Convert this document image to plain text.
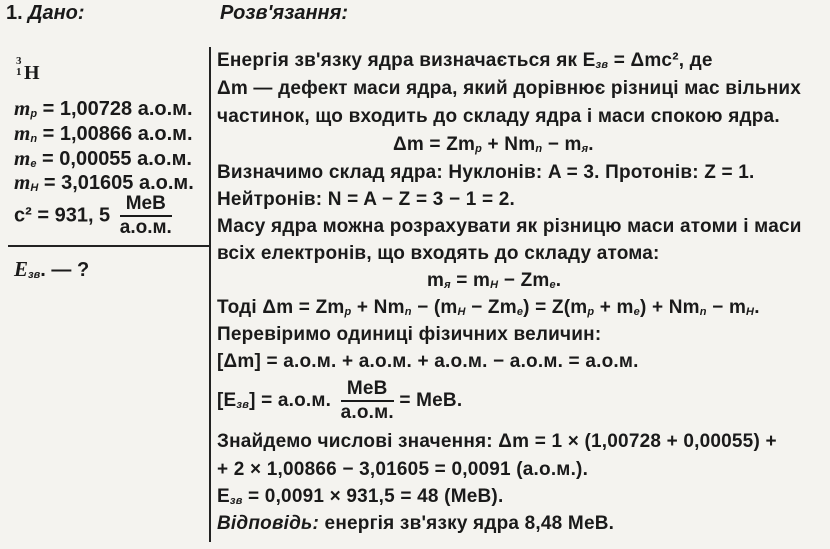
1. Дано:	Розв'язання:
3
1 H
$m_p = 1,00728$ а.о.м.
$m_n = 1,00866$ а.о.м.
$m_e = 0,00055$ а.о.м.
$m_H = 3,01605$ а.о.м.
c² = 931, $5 \frac{\text{MeB}}{а.о.м.}$
$E_{зв}$. — ?
Енергія зв'язку ядра визначається як $E_{зв} = \Delta mc^2$, де
Δm — дефект маси ядра, який дорівнює різниці мас вільних
частинок, що входить до складу ядра і маси спокою ядра.
$\Delta m = Zm_p + Nm_n - m_я$.
Визначимо склад ядра: Нуклонів: A = 3. Протонів: Z = 1.
Нейтронів: N = A − Z = 3 − 1 = 2.
Масу ядра можна розрахувати як різницю маси атоми і маси
всіх електронів, що входять до складу атома:
$m_я = m_H - Zm_e$.
Тоді $\Delta m = Zm_p + Nm_n - (m_H - Zm_e) = Z(m_p + m_e) + Nm_n - m_H$.
Перевіримо одиниці фізичних величин:
[Δm] = а.о.м. + а.о.м. + а.о.м. − а.о.м. = а.о.м.
$[E_{зв}] = а.о.м$. $\frac{\text{MeB}}{а.о.м.}$ = MeB.
Знайдемо числові значення: Δm = 1 × (1,00728 + 0,00055) +
+ 2 × 1,00866 − 3,01605 = 0,0091 (а.о.м.).
$E_{зв} = 0,0091 \times 931,5 = 48$ (MeB).
Відповідь: енергія зв'язку ядра 8,48 MeB.
